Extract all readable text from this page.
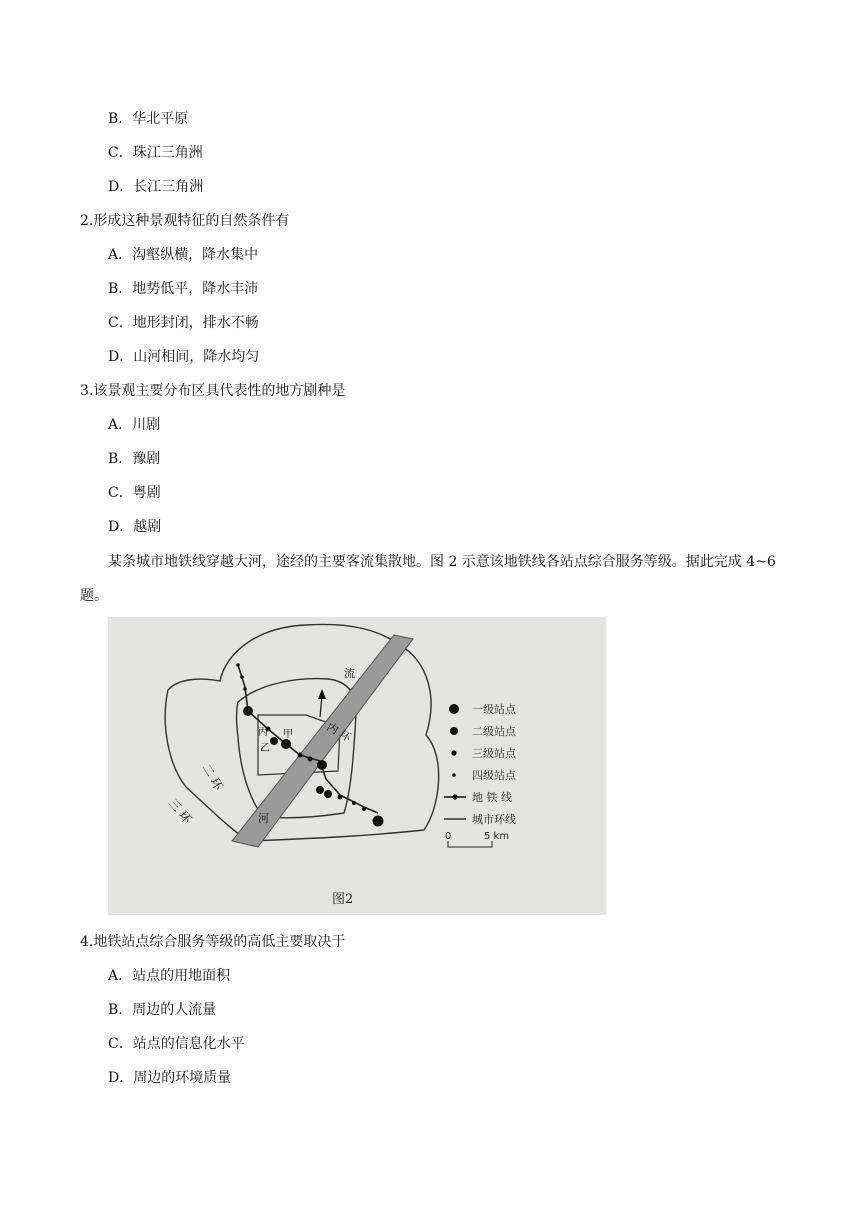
B．华北平原
C．珠江三角洲
D．长江三角洲
2.形成这种景观特征的自然条件有
A．沟壑纵横，降水集中
B．地势低平，降水丰沛
C．地形封闭，排水不畅
D．山河相间，降水均匀
3.该景观主要分布区具代表性的地方剧种是
A．川剧
B．豫剧
C．粤剧
D．越剧
某条城市地铁线穿越大河，途经的主要客流集散地。图 2 示意该地铁线各站点综合服务等级。据此完成 4~6 题。
流
河
内 环
二 环
三 环
丙 甲
乙
一级站点
二级站点
三级站点
四级站点
地 铁 线
城市环线
0	5 km
图2
4.地铁站点综合服务等级的高低主要取决于
A．站点的用地面积
B．周边的人流量
C．站点的信息化水平
D．周边的环境质量
